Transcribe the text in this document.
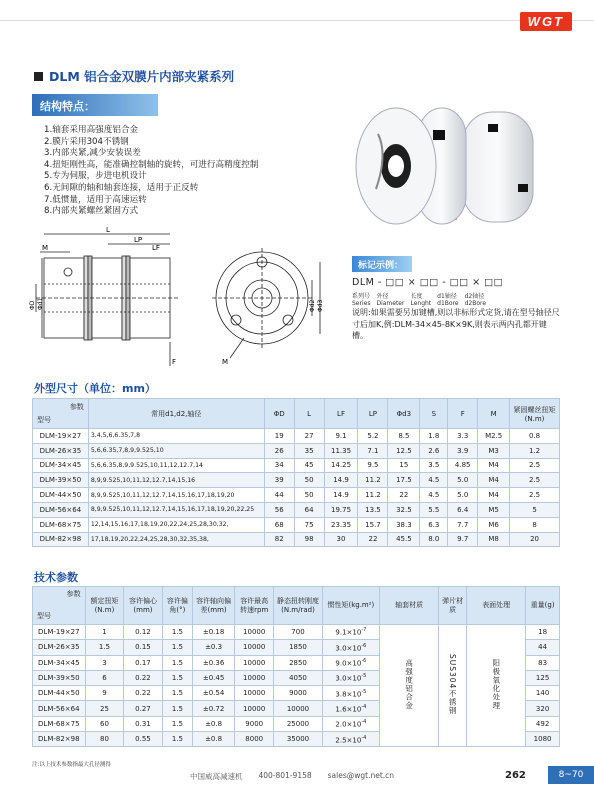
WGT
DLM 铝合金双膜片内部夹紧系列
结构特点：
1.轴套采用高强度铝合金
2.膜片采用304不锈钢
3.内部夹紧,减少安装误差
4.扭矩刚性高，能准确控制轴的旋转，可进行高精度控制
5.专为伺服，步进电机设计
6.无间隙的轴和轴套连接，适用于正反转
7.低惯量，适用于高速运转
8.内部夹紧螺丝紧固方式
L
LP
LF
M
ΦD Φd1	Φd2 Φd3
F	M
标记示例：
DLM - □□ × □□ - □□ × □□
系列号
Series
外径
Diameter
长度
Lenght
d1轴径
d1Bore
d2轴径
d2Bore
说明:如果需要另加键槽,则以非标形式定货,请在型号轴径尺寸后加K,例:DLM-34×45-8K×9K,则表示两内孔都开键槽。
外型尺寸（单位：mm）
参数
型号	常用d1,d2,轴径	ΦD	L	LF	LP	Φd3	S	F	M	紧固螺丝扭矩(N.m)
DLM-19×27	3,4,5,6,6.35,7,8	19	27	9.1	5.2	8.5	1.8	3.3	M2.5	0.8
DLM-26×35	5,6,6.35,7,8,9,9.525,10	26	35	11.35	7.1	12.5	2.6	3.9	M3	1.2
DLM-34×45	5,6,6.35,8,9,9.525,10,11,12,12.7,14	34	45	14.25	9.5	15	3.5	4.85	M4	2.5
DLM-39×50	8,9,9.525,10,11,12,12.7,14,15,16	39	50	14.9	11.2	17.5	4.5	5.0	M4	2.5
DLM-44×50	8,9,9.525,10,11,12,12.7,14,15,16,17,18,19,20	44	50	14.9	11.2	22	4.5	5.0	M4	2.5
DLM-56×64	8,9,9.525,10,11,12,12.7,14,15,16,17,18,19,20,22,25	56	64	19.75	13.5	32.5	5.5	6.4	M5	5
DLM-68×75	12,14,15,16,17,18,19,20,22,24,25,28,30,32,	68	75	23.35	15.7	38.3	6.3	7.7	M6	8
DLM-82×98	17,18,19,20,22,24,25,28,30,32,35,38,	82	98	30	22	45.5	8.0	9.7	M8	20
技术参数
参数
型号	额定扭矩(N.m)	容许偏心(mm)	容许偏角(°)	容许轴向偏差(mm)	容许最高转速rpm	静态扭转刚度(N.m/rad)	惯性矩(kg.m²)	轴套材质	弹片材质	表面处理	重量(g)
DLM-19×27	1	0.12	1.5	±0.18	10000	700	$9.1\times 10^{-7}$	高强度铝合金	SUS304不锈钢	阳极氧化处理	18
DLM-26×35	1.5	0.15	1.5	±0.3	10000	1850	$3.0\times 10^{-6}$				44
DLM-34×45	3	0.17	1.5	±0.36	10000	2850	$9.0\times 10^{-6}$				83
DLM-39×50	6	0.22	1.5	±0.45	10000	4050	$3.0\times 10^{-5}$				125
DLM-44×50	9	0.22	1.5	±0.54	10000	9000	$3.8\times 10^{-5}$				140
DLM-56×64	25	0.27	1.5	±0.72	10000	10000	$1.6\times 10^{-4}$				320
DLM-68×75	60	0.31	1.5	±0.8	9000	25000	$2.0\times 10^{-4}$				492
DLM-82×98	80	0.55	1.5	±0.8	8000	35000	$2.5\times 10^{-4}$				1080
注:以上技术参数指最大孔径测得
中国威高减速机 400-801-9158 sales@wgt.net.cn	262	8~70
